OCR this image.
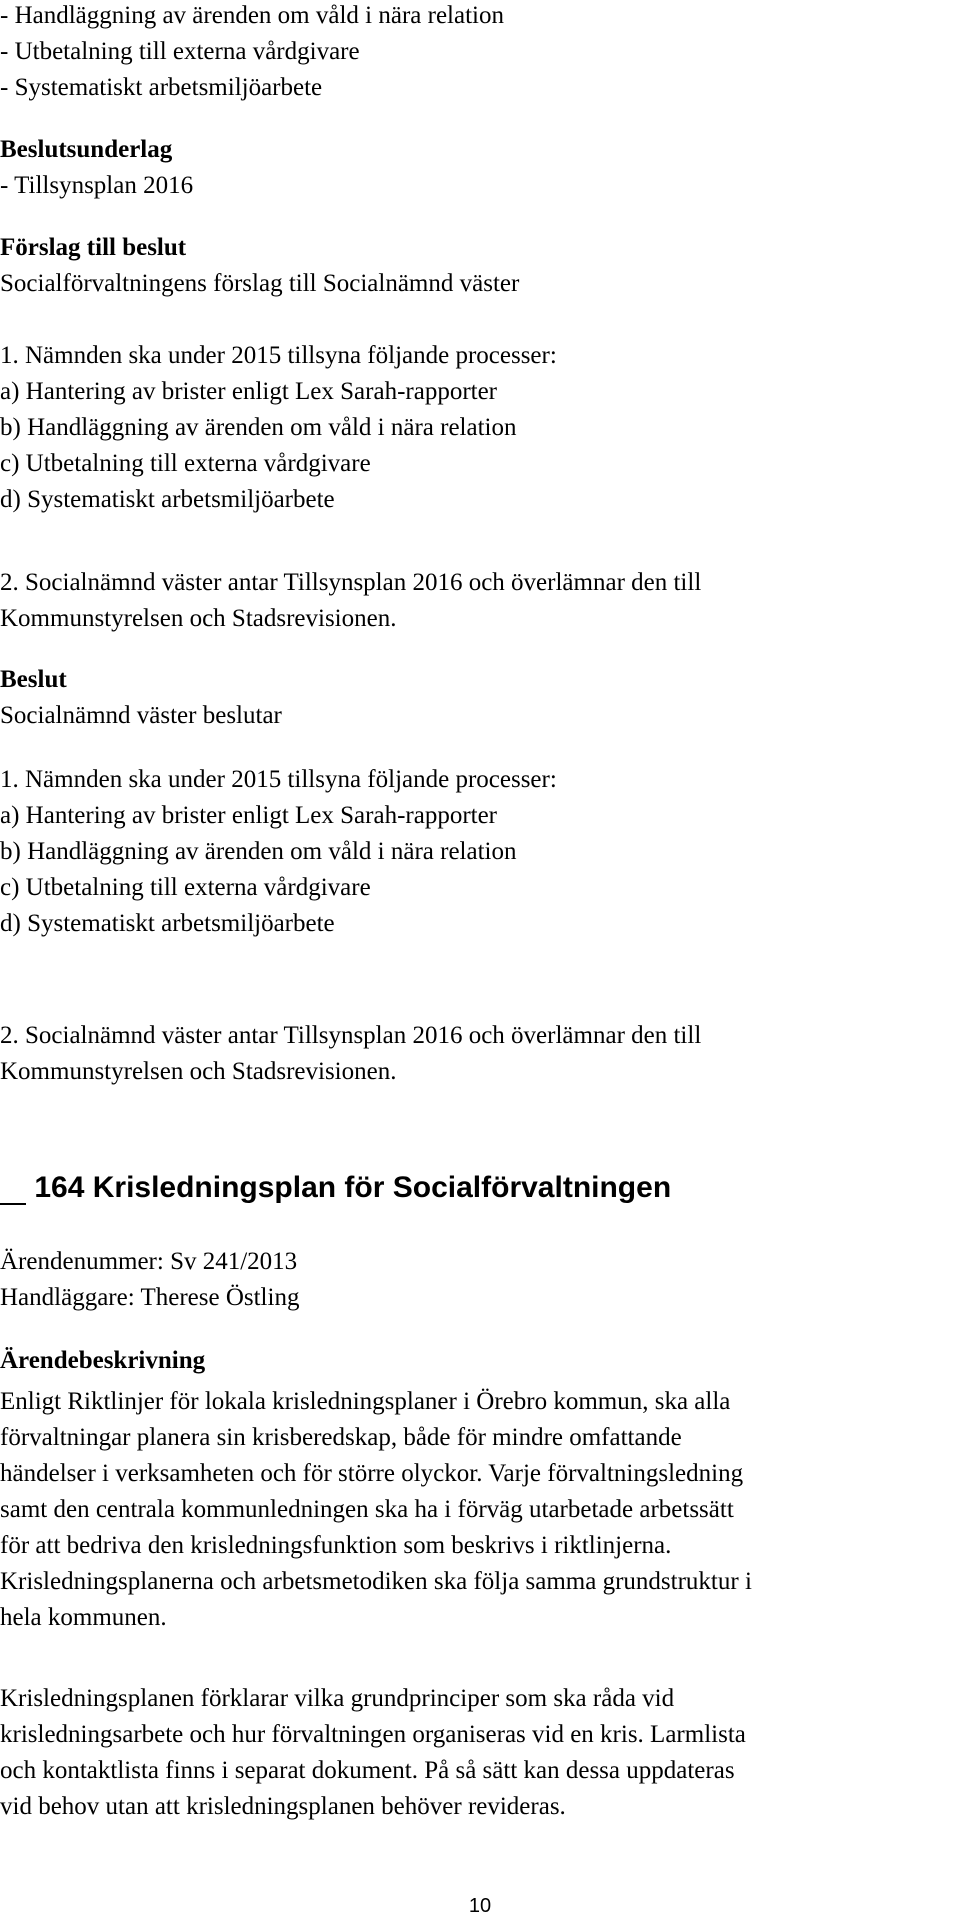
- Handläggning av ärenden om våld i nära relation
- Utbetalning till externa vårdgivare
- Systematiskt arbetsmiljöarbete
Beslutsunderlag
- Tillsynsplan 2016
Förslag till beslut
Socialförvaltningens förslag till Socialnämnd väster
1. Nämnden ska under 2015 tillsyna följande processer:
a) Hantering av brister enligt Lex Sarah-rapporter
b) Handläggning av ärenden om våld i nära relation
c) Utbetalning till externa vårdgivare
d) Systematiskt arbetsmiljöarbete
2. Socialnämnd väster antar Tillsynsplan 2016 och överlämnar den till
Kommunstyrelsen och Stadsrevisionen.
Beslut
Socialnämnd väster beslutar
1. Nämnden ska under 2015 tillsyna följande processer:
a) Hantering av brister enligt Lex Sarah-rapporter
b) Handläggning av ärenden om våld i nära relation
c) Utbetalning till externa vårdgivare
d) Systematiskt arbetsmiljöarbete
2. Socialnämnd väster antar Tillsynsplan 2016 och överlämnar den till
Kommunstyrelsen och Stadsrevisionen.
164 Krisledningsplan för Socialförvaltningen
Ärendenummer: Sv 241/2013
Handläggare: Therese Östling
Ärendebeskrivning
Enligt Riktlinjer för lokala krisledningsplaner i Örebro kommun, ska alla
förvaltningar planera sin krisberedskap, både för mindre omfattande
händelser i verksamheten och för större olyckor. Varje förvaltningsledning
samt den centrala kommunledningen ska ha i förväg utarbetade arbetssätt
för att bedriva den krisledningsfunktion som beskrivs i riktlinjerna.
Krisledningsplanerna och arbetsmetodiken ska följa samma grundstruktur i
hela kommunen.
Krisledningsplanen förklarar vilka grundprinciper som ska råda vid
krisledningsarbete och hur förvaltningen organiseras vid en kris. Larmlista
och kontaktlista finns i separat dokument. På så sätt kan dessa uppdateras
vid behov utan att krisledningsplanen behöver revideras.
10
